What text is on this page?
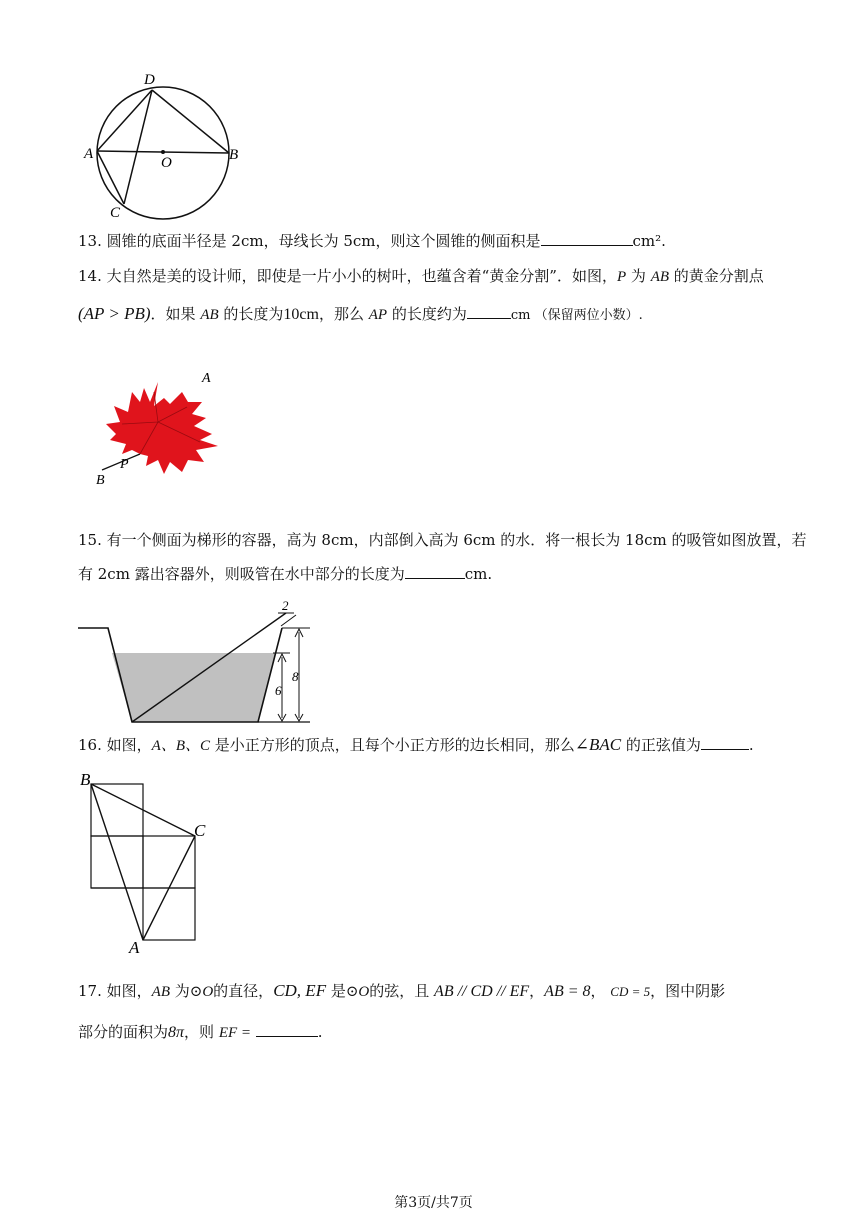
D
A
O	B
C
13. 圆锥的底面半径是 2cm，母线长为 5cm，则这个圆锥的侧面积是	cm².
14. 大自然是美的设计师，即使是一片小小的树叶，也蕴含着“黄金分割”．如图，P 为 AB 的黄金分割点
(AP > PB)．如果 AB 的长度为10cm，那么 AP 的长度约为	cm （保留两位小数）.
A
P
B
15. 有一个侧面为梯形的容器，高为 8cm，内部倒入高为 6cm 的水．将一根长为 18cm 的吸管如图放置，若
有 2cm 露出容器外，则吸管在水中部分的长度为	cm.
2
6
8
16. 如图，A、B、C 是小正方形的顶点，且每个小正方形的边长相同，那么∠BAC 的正弦值为	.
B
C
A
17. 如图，AB 为⊙O的直径，CD, EF 是⊙O的弦，且 AB // CD // EF，AB = 8， CD = 5，图中阴影
部分的面积为8π，则 EF =	.
第3页/共7页
